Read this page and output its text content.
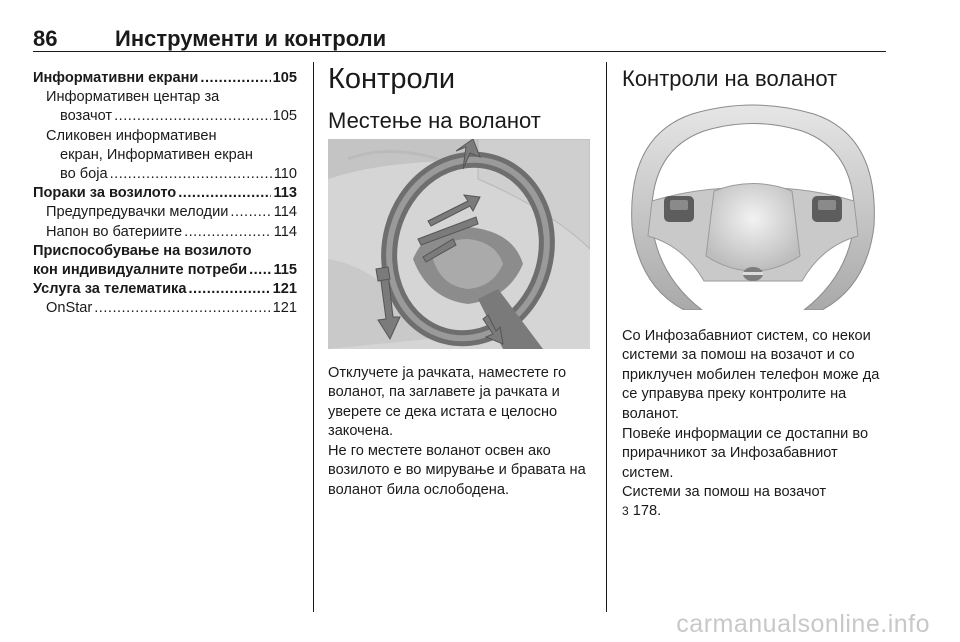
86	Инструменти и контроли
Информативни екрани .....	105
Информативен центар за
возачот .....	105
Сликовен информативен
екран, Информативен екран
во боја .....	110
Пораки за возилото .....	113
Предупредувачки мелодии .....	114
Напон во батериите .....	114
Приспособување на возилото
кон индивидуалните потреби ..... 115
Услуга за телематика .....	121
OnStar .....	121
Контроли
Местење на воланот

Отклучете ја рачката, наместете го воланот, па заглавете ја рачката и уверете се дека истата е целосно закочена.

Не го местете воланот освен ако возилото е во мирување и бравата на воланот била ослободена.

Контроли на воланот

Со Инфозабавниот систем, со некои системи за помош на возачот и со приклучен мобилен телефон може да се управува преку контролите на воланот.

Повеќе информации се достапни во прирачникот за Инфозабавниот систем.

Системи за помош на возачот
3 178.

carmanualsonline.info
